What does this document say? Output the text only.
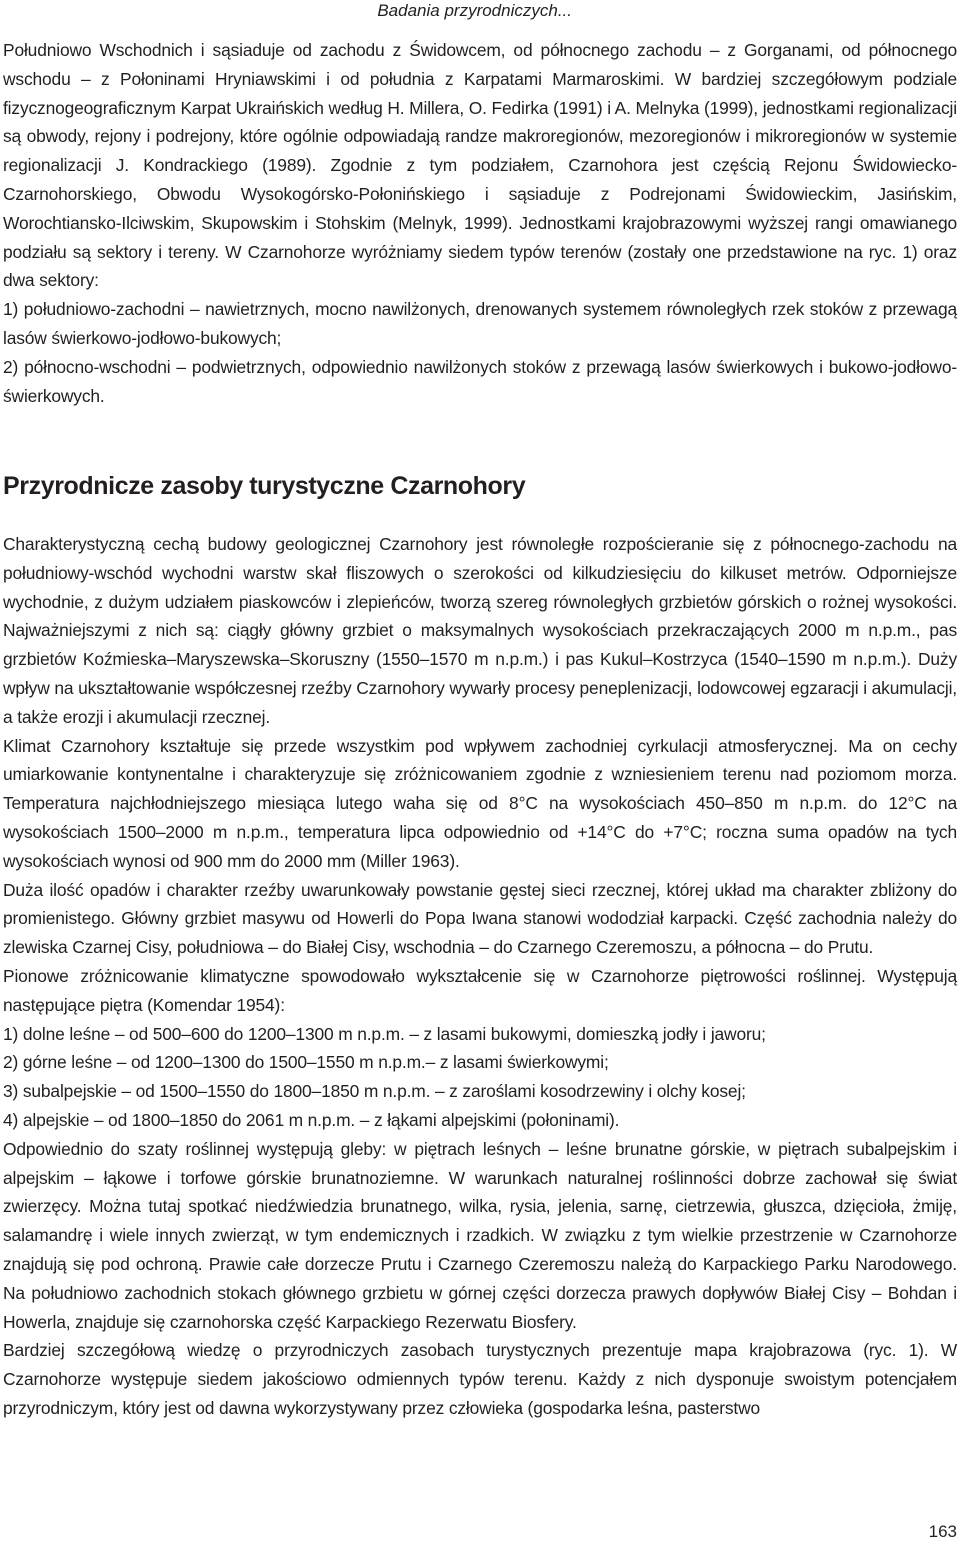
Badania przyrodniczych...

Południowo Wschodnich i sąsiaduje od zachodu z Świdowcem, od północnego zachodu – z Gorganami, od północnego wschodu – z Połoninami Hryniawskimi i od południa z Karpatami Marmaroskimi. W bardziej szczegółowym podziale fizycznogeograficznym Karpat Ukraińskich według H. Millera, O. Fedirka (1991) i A. Melnyka (1999), jednostkami regionalizacji są obwody, rejony i podrejony, które ogólnie odpowiadają randze makroregionów, mezoregionów i mikroregionów w systemie regionalizacji J. Kondrackiego (1989). Zgodnie z tym podziałem, Czarnohora jest częścią Rejonu Świdowiecko-Czarnohorskiego, Obwodu Wysokogórsko-Połonińskiego i sąsiaduje z Podrejonami Świdowieckim, Jasińskim, Worochtiansko-Ilciwskim, Skupowskim i Stohskim (Melnyk, 1999). Jednostkami krajobrazowymi wyższej rangi omawianego podziału są sektory i tereny. W Czarnohorze wyróżniamy siedem typów terenów (zostały one przedstawione na ryc. 1) oraz dwa sektory:

1) południowo-zachodni – nawietrznych, mocno nawilżonych, drenowanych systemem równoległych rzek stoków z przewagą lasów świerkowo-jodłowo-bukowych;

2) północno-wschodni – podwietrznych, odpowiednio nawilżonych stoków z przewagą lasów świerkowych i bukowo-jodłowo-świerkowych.

Przyrodnicze zasoby turystyczne Czarnohory

Charakterystyczną cechą budowy geologicznej Czarnohory jest równoległe rozpościeranie się z północnego-zachodu na południowy-wschód wychodni warstw skał fliszowych o szerokości od kilkudziesięciu do kilkuset metrów. Odporniejsze wychodnie, z dużym udziałem piaskowców i zlepieńców, tworzą szereg równoległych grzbietów górskich o rożnej wysokości. Najważniejszymi z nich są: ciągły główny grzbiet o maksymalnych wysokościach przekraczających 2000 m n.p.m., pas grzbietów Koźmieska–Maryszewska–Skoruszny (1550–1570 m n.p.m.) i pas Kukul–Kostrzyca (1540–1590 m n.p.m.). Duży wpływ na ukształtowanie współczesnej rzeźby Czarnohory wywarły procesy peneplenizacji, lodowcowej egzaracji i akumulacji, a także erozji i akumulacji rzecznej.

Klimat Czarnohory kształtuje się przede wszystkim pod wpływem zachodniej cyrkulacji atmosferycznej. Ma on cechy umiarkowanie kontynentalne i charakteryzuje się zróżnicowaniem zgodnie z wzniesieniem terenu nad poziomom morza. Temperatura najchłodniejszego miesiąca lutego waha się od 8°C na wysokościach 450–850 m n.p.m. do 12°C na wysokościach 1500–2000 m n.p.m., temperatura lipca odpowiednio od +14°C do +7°C; roczna suma opadów na tych wysokościach wynosi od 900 mm do 2000 mm (Miller 1963).

Duża ilość opadów i charakter rzeźby uwarunkowały powstanie gęstej sieci rzecznej, której układ ma charakter zbliżony do promienistego. Główny grzbiet masywu od Howerli do Popa Iwana stanowi wododział karpacki. Część zachodnia należy do zlewiska Czarnej Cisy, południowa – do Białej Cisy, wschodnia – do Czarnego Czeremoszu, a północna – do Prutu.

Pionowe zróżnicowanie klimatyczne spowodowało wykształcenie się w Czarnohorze piętrowości roślinnej. Występują następujące piętra (Komendar 1954):

1) dolne leśne – od 500–600 do 1200–1300 m n.p.m. – z lasami bukowymi, domieszką jodły i jaworu;

2) górne leśne – od 1200–1300 do 1500–1550 m n.p.m.– z lasami świerkowymi;

3) subalpejskie – od 1500–1550 do 1800–1850 m n.p.m. – z zaroślami kosodrzewiny i olchy kosej;

4) alpejskie – od 1800–1850 do 2061 m n.p.m. – z łąkami alpejskimi (połoninami).

Odpowiednio do szaty roślinnej występują gleby: w piętrach leśnych – leśne brunatne górskie, w piętrach subalpejskim i alpejskim – łąkowe i torfowe górskie brunatnoziemne. W warunkach naturalnej roślinności dobrze zachował się świat zwierzęcy. Można tutaj spotkać niedźwiedzia brunatnego, wilka, rysia, jelenia, sarnę, cietrzewia, głuszca, dzięcioła, żmiję, salamandrę i wiele innych zwierząt, w tym endemicznych i rzadkich. W związku z tym wielkie przestrzenie w Czarnohorze znajdują się pod ochroną. Prawie całe dorzecze Prutu i Czarnego Czeremoszu należą do Karpackiego Parku Narodowego. Na południowo zachodnich stokach głównego grzbietu w górnej części dorzecza prawych dopływów Białej Cisy – Bohdan i Howerla, znajduje się czarnohorska część Karpackiego Rezerwatu Biosfery.

Bardziej szczegółową wiedzę o przyrodniczych zasobach turystycznych prezentuje mapa krajobrazowa (ryc. 1). W Czarnohorze występuje siedem jakościowo odmiennych typów terenu. Każdy z nich dysponuje swoistym potencjałem przyrodniczym, który jest od dawna wykorzystywany przez człowieka (gospodarka leśna, pasterstwo

163
